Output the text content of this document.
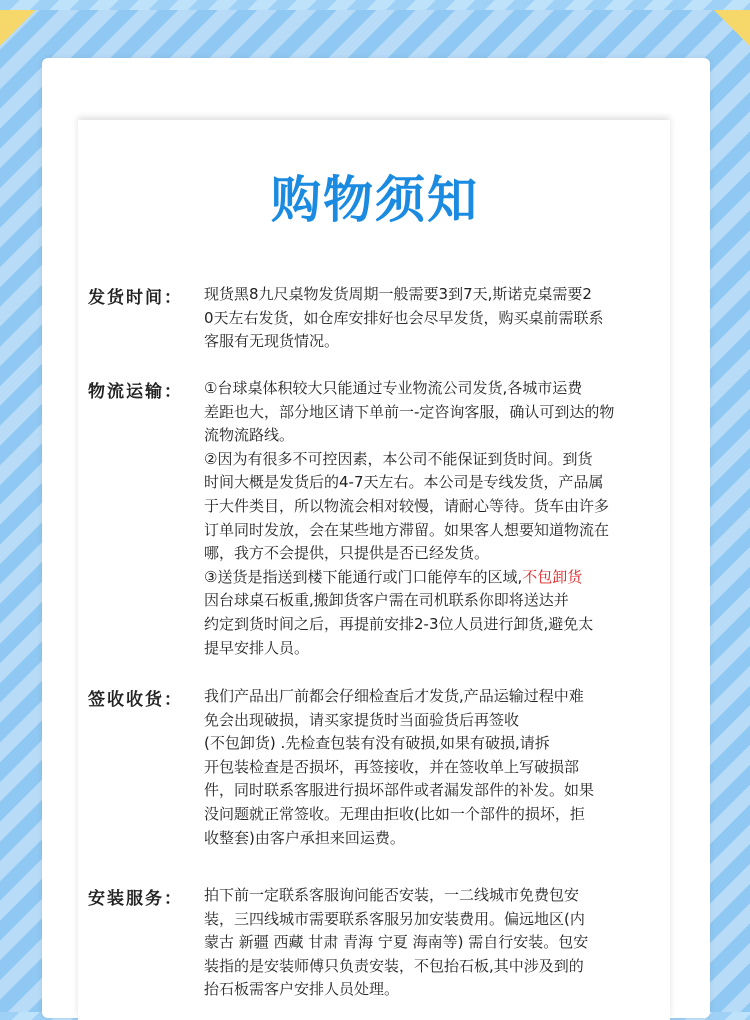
购物须知
发货时间：	现货黑8九尺桌物发货周期一般需要3到7天,斯诺克桌需要2
0天左右发货，如仓库安排好也会尽早发货，购买桌前需联系
客服有无现货情况。
物流运输：	①台球桌体积较大只能通过专业物流公司发货,各城市运费
差距也大，部分地区请下单前一-定咨询客服，确认可到达的物
流物流路线。
②因为有很多不可控因素，本公司不能保证到货时间。到货
时间大概是发货后的4-7天左右。本公司是专线发货，产品属
于大件类目，所以物流会相对较慢，请耐心等待。货车由许多
订单同时发放，会在某些地方滞留。如果客人想要知道物流在
哪，我方不会提供，只提供是否已经发货。
③送货是指送到楼下能通行或门口能停车的区域,不包卸货
因台球桌石板重,搬卸货客户需在司机联系你即将送达并
约定到货时间之后，再提前安排2-3位人员进行卸货,避免太
提早安排人员。
签收收货：	我们产品出厂前都会仔细检查后才发货,产品运输过程中难
免会出现破损，请买家提货时当面验货后再签收
(不包卸货) .先检查包装有没有破损,如果有破损,请拆
开包装检查是否损坏，再签接收，并在签收单上写破损部
件，同时联系客服进行损坏部件或者漏发部件的补发。如果
没问题就正常签收。无理由拒收(比如一个部件的损坏，拒
收整套)由客户承担来回运费。
安装服务：	拍下前一定联系客服询问能否安装，一二线城市免费包安
装，三四线城市需要联系客服另加安装费用。偏远地区(内
蒙古 新疆 西藏 甘肃 青海 宁夏 海南等) 需自行安装。包安
装指的是安装师傅只负责安装，不包抬石板,其中涉及到的
抬石板需客户安排人员处理。
